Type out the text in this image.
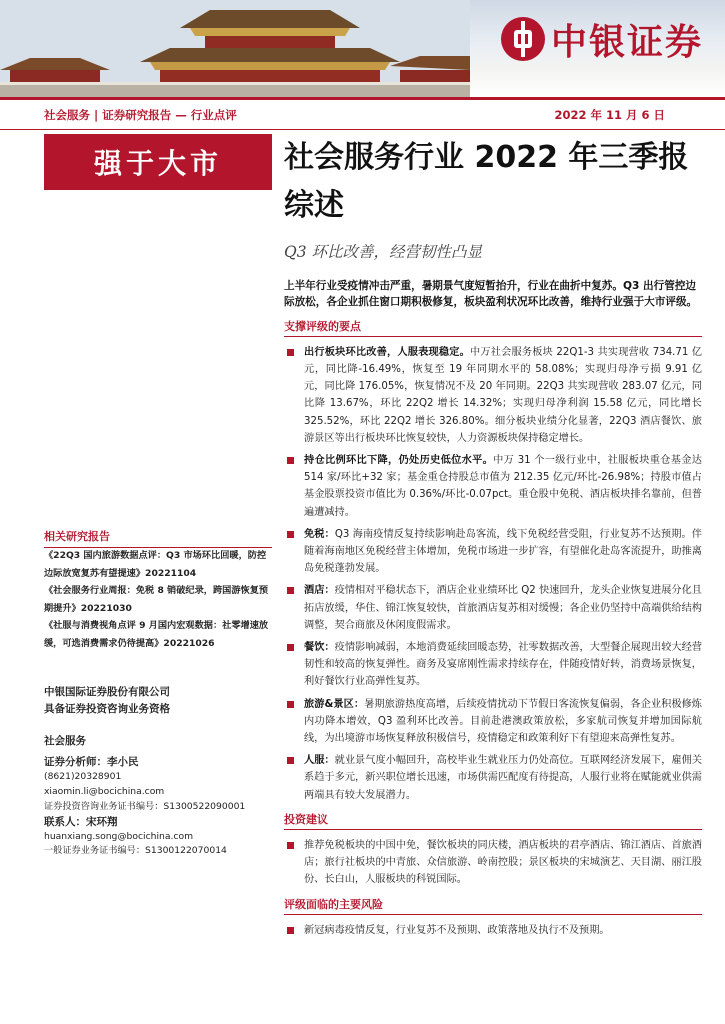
中银证券
社会服务 | 证券研究报告 — 行业点评	2022 年 11 月 6 日
强于大市	社会服务行业 2022 年三季报综述
Q3 环比改善，经营韧性凸显
相关研究报告

《22Q3 国内旅游数据点评：Q3 市场环比回暖，防控边际放宽复苏有望提速》20221104

《社会服务行业周报：免税 8 销破纪录，跨国游恢复预期提升》20221030

《社服与消费视角点评 9 月国内宏观数据：社零增速放缓，可选消费需求仍待提高》20221026

中银国际证券股份有限公司
具备证券投资咨询业务资格
社会服务
证券分析师：李小民
(8621)20328901
xiaomin.li@bocichina.com
证券投资咨询业务证书编号：S1300522090001
联系人：宋环翔
huanxiang.song@bocichina.com
一般证券业务证书编号：S1300122070014
上半年行业受疫情冲击严重，暑期景气度短暂抬升，行业在曲折中复苏。Q3 出行管控边际放松，各企业抓住窗口期积极修复，板块盈利状况环比改善，维持行业强于大市评级。
支撑评级的要点
出行板块环比改善，人服表现稳定。中万社会服务板块 22Q1-3 共实现营收 734.71 亿元，同比降-16.49%，恢复至 19 年同期水平的 58.08%；实现归母净亏损 9.91 亿元，同比降 176.05%，恢复情况不及 20 年同期。22Q3 共实现营收 283.07 亿元，同比降 13.67%，环比 22Q2 增长 14.32%；实现归母净利润 15.58 亿元，同比增长 325.52%，环比 22Q2 增长 326.80%。细分板块业绩分化显著，22Q3 酒店餐饮、旅游景区等出行板块环比恢复较快，人力资源板块保持稳定增长。
持仓比例环比下降，仍处历史低位水平。中万 31 个一级行业中，社服板块重仓基金达 514 家/环比+32 家；基金重仓持股总市值为 212.35 亿元/环比-26.98%；持股市值占基金股票投资市值比为 0.36%/环比-0.07pct。重仓股中免税、酒店板块排名靠前，但普遍遭减持。
免税：Q3 海南疫情反复持续影响赴岛客流，线下免税经营受阻，行业复苏不达预期。伴随着海南地区免税经营主体增加，免税市场进一步扩容，有望催化赴岛客流提升，助推离岛免税蓬勃发展。
酒店：疫情相对平稳状态下，酒店企业业绩环比 Q2 快速回升，龙头企业恢复进展分化且拓店放缓，华住、锦江恢复较快，首旅酒店复苏相对缓慢；各企业仍坚持中高端供给结构调整，契合商旅及休闲度假需求。
餐饮：疫情影响减弱，本地消费延续回暖态势，社零数据改善，大型餐企展现出较大经营韧性和较高的恢复弹性。商务及宴席刚性需求持续存在，伴随疫情好转，消费场景恢复，利好餐饮行业高弹性复苏。
旅游&景区：暑期旅游热度高增，后续疫情扰动下节假日客流恢复偏弱，各企业积极修炼内功降本增效，Q3 盈利环比改善。目前赴港澳政策放松，多家航司恢复并增加国际航线，为出境游市场恢复释放积极信号，疫情稳定和政策利好下有望迎来高弹性复苏。
人服：就业景气度小幅回升，高校毕业生就业压力仍处高位。互联网经济发展下，雇佣关系趋于多元，新兴职位增长迅速，市场供需匹配度有待提高，人服行业将在赋能就业供需两端具有较大发展潜力。
投资建议
推荐免税板块的中国中免，餐饮板块的同庆楼，酒店板块的君亭酒店、锦江酒店、首旅酒店；旅行社板块的中青旅、众信旅游、岭南控股；景区板块的宋城演艺、天目湖、丽江股份、长白山，人服板块的科锐国际。
评级面临的主要风险
新冠病毒疫情反复，行业复苏不及预期、政策落地及执行不及预期。
